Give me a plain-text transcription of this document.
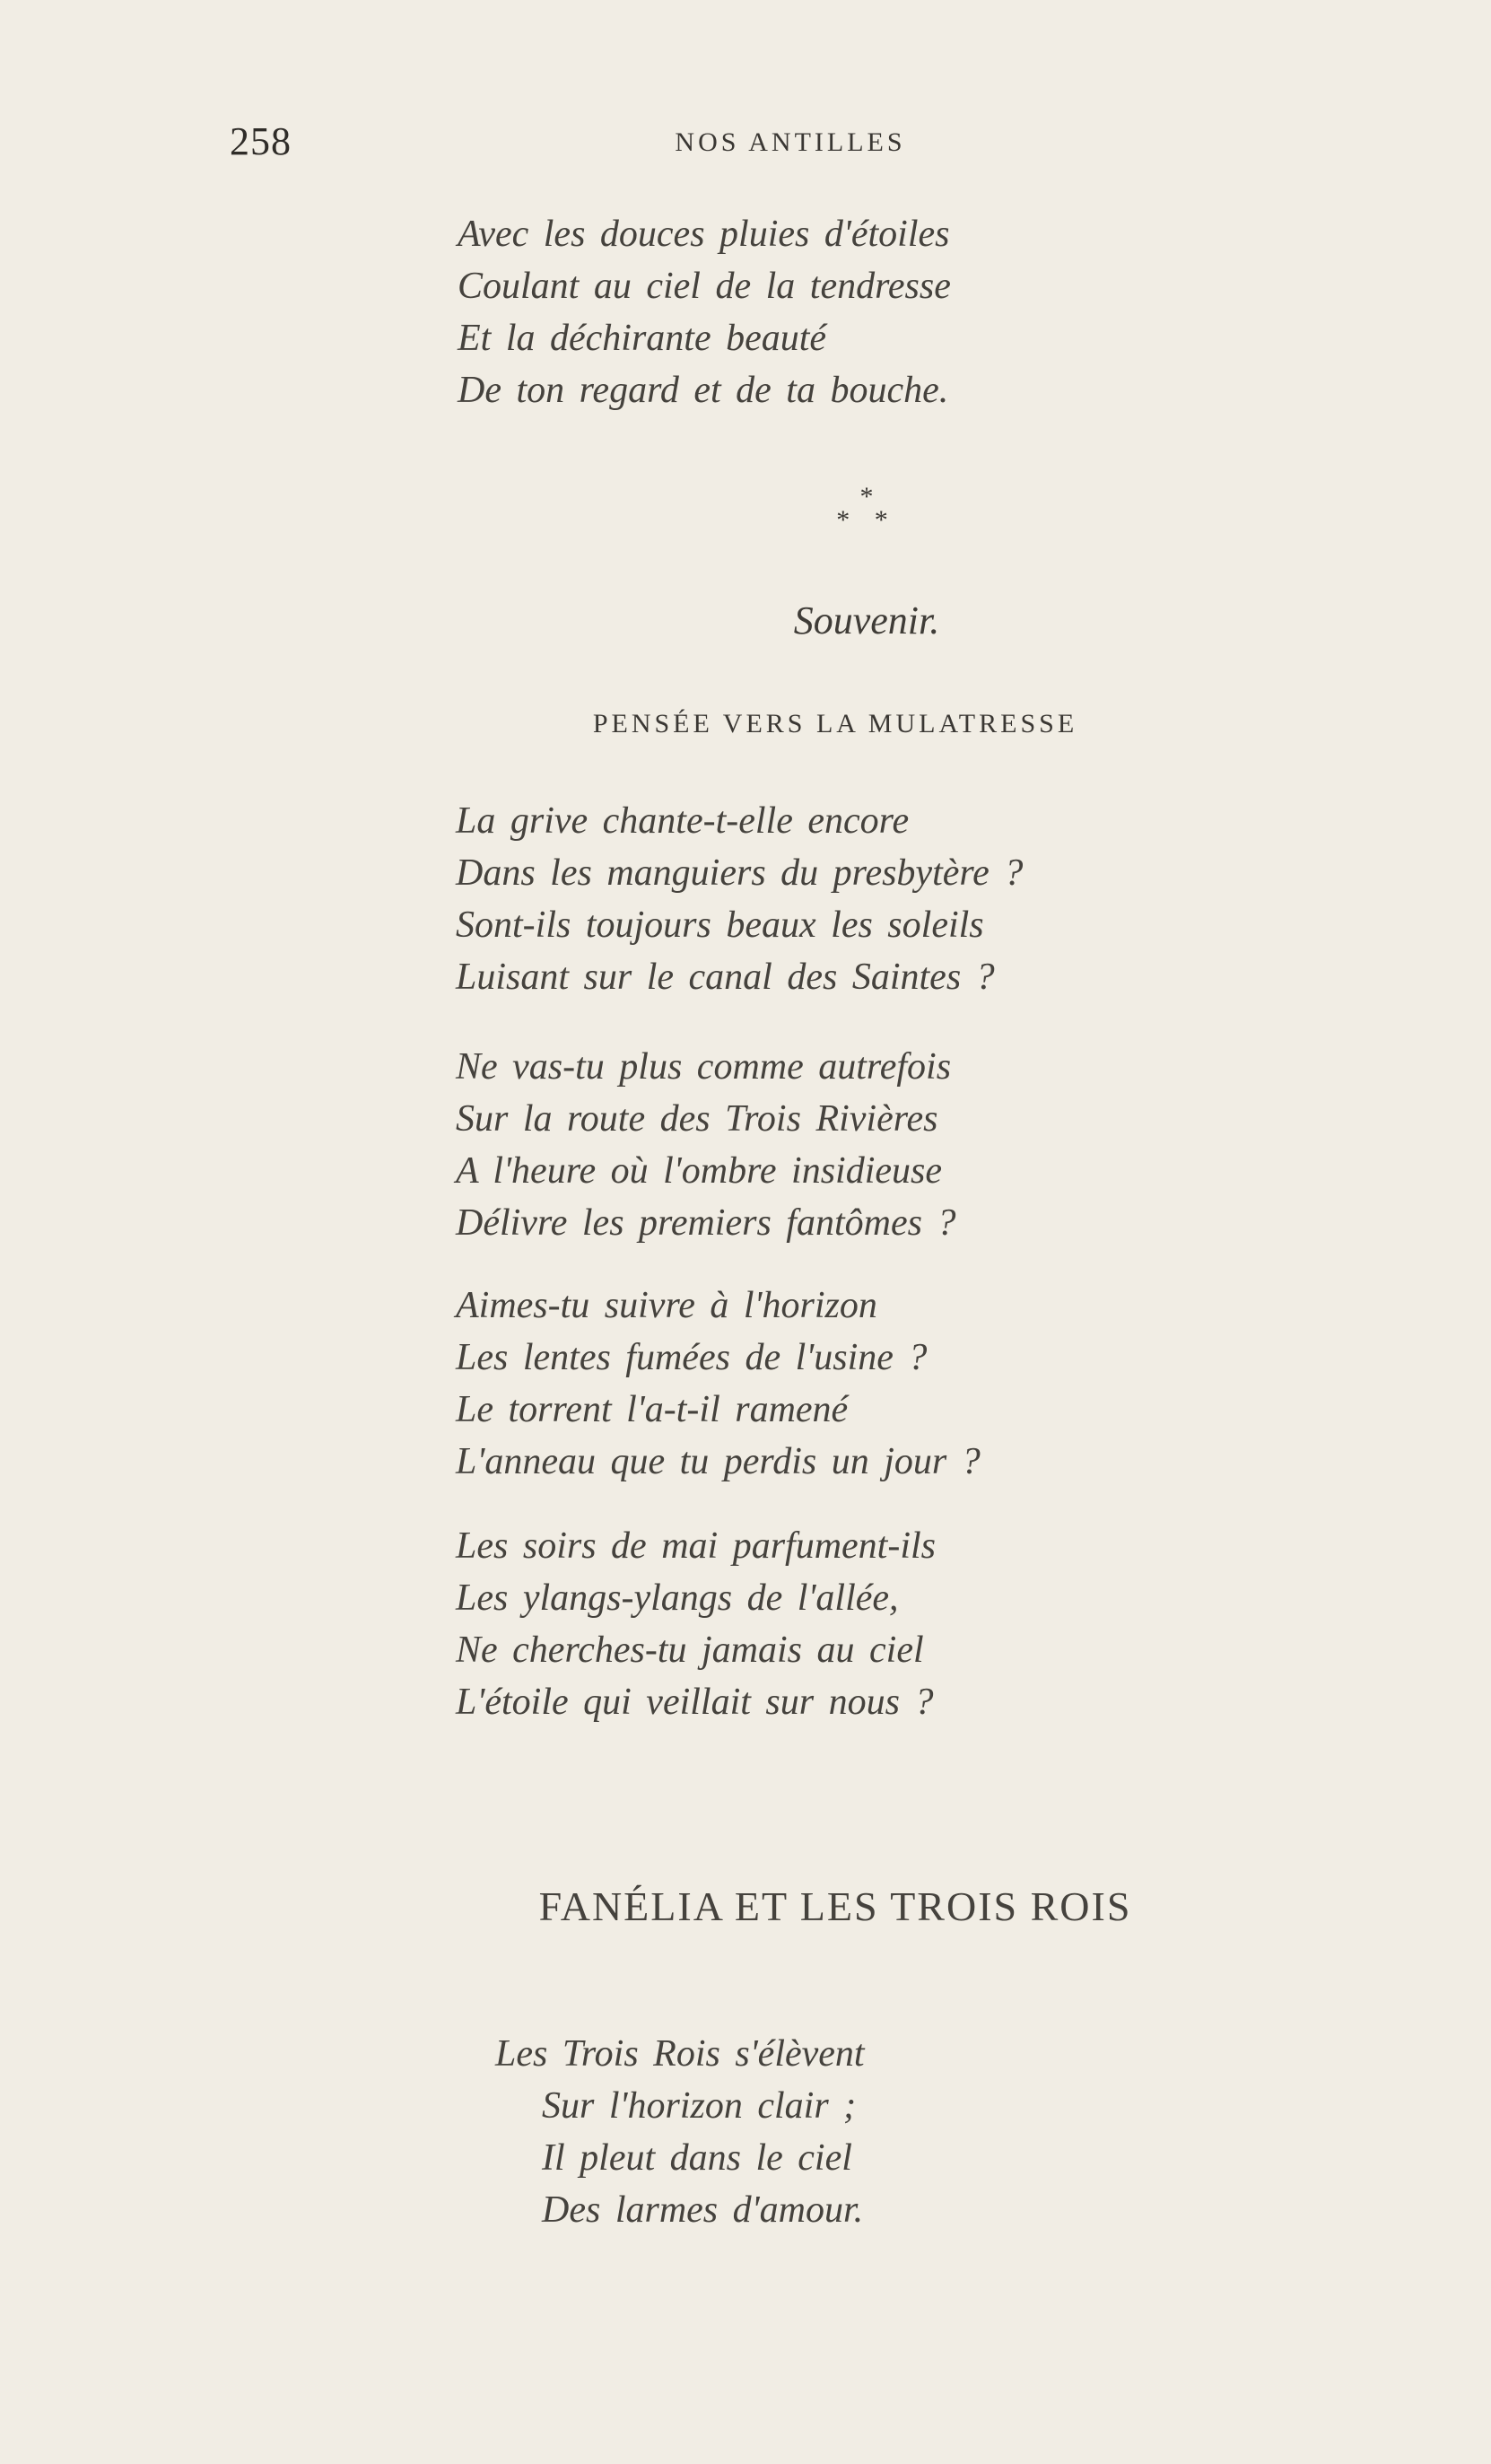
258	NOS ANTILLES
Avec les douces pluies d'étoiles
Coulant au ciel de la tendresse
Et la déchirante beauté
De ton regard et de ta bouche.
*
* *
Souvenir.
PENSÉE VERS LA MULATRESSE
La grive chante-t-elle encore
Dans les manguiers du presbytère ?
Sont-ils toujours beaux les soleils
Luisant sur le canal des Saintes ?
Ne vas-tu plus comme autrefois
Sur la route des Trois Rivières
A l'heure où l'ombre insidieuse
Délivre les premiers fantômes ?
Aimes-tu suivre à l'horizon
Les lentes fumées de l'usine ?
Le torrent l'a-t-il ramené
L'anneau que tu perdis un jour ?
Les soirs de mai parfument-ils
Les ylangs-ylangs de l'allée,
Ne cherches-tu jamais au ciel
L'étoile qui veillait sur nous ?
FANÉLIA ET LES TROIS ROIS
Les Trois Rois s'élèvent
Sur l'horizon clair ;
Il pleut dans le ciel
Des larmes d'amour.
